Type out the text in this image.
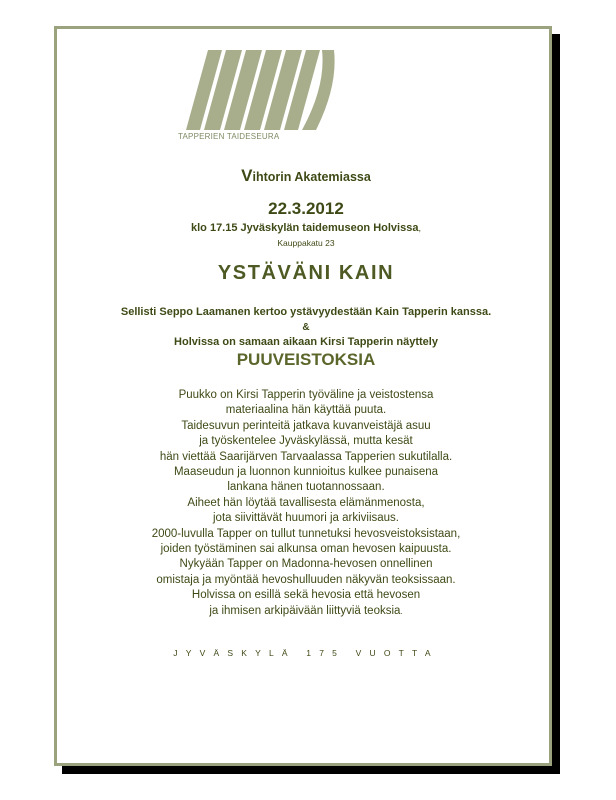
TAPPERIEN TAIDESEURA
Vihtorin Akatemiassa
22.3.2012
klo 17.15 Jyväskylän taidemuseon Holvissa,
Kauppakatu 23
YSTÄVÄNI KAIN
Sellisti Seppo Laamanen kertoo ystävyydestään Kain Tapperin kanssa.
&
Holvissa on samaan aikaan Kirsi Tapperin näyttely
PUUVEISTOKSIA
Puukko on Kirsi Tapperin työväline ja veistostensa
materiaalina hän käyttää puuta.
Taidesuvun perinteitä jatkava kuvanveistäjä asuu
ja työskentelee Jyväskylässä, mutta kesät
hän viettää Saarijärven Tarvaalassa Tapperien sukutilalla.
Maaseudun ja luonnon kunnioitus kulkee punaisena
lankana hänen tuotannossaan.
Aiheet hän löytää tavallisesta elämänmenosta,
jota siivittävät huumori ja arkiviisaus.
2000-luvulla Tapper on tullut tunnetuksi hevosveistoksistaan,
joiden työstäminen sai alkunsa oman hevosen kaipuusta.
Nykyään Tapper on Madonna-hevosen onnellinen
omistaja ja myöntää hevoshulluuden näkyvän teoksissaan.
Holvissa on esillä sekä hevosia että hevosen
ja ihmisen arkipäivään liittyviä teoksia.
JYVÄSKYLÄ 175 VUOTTA
